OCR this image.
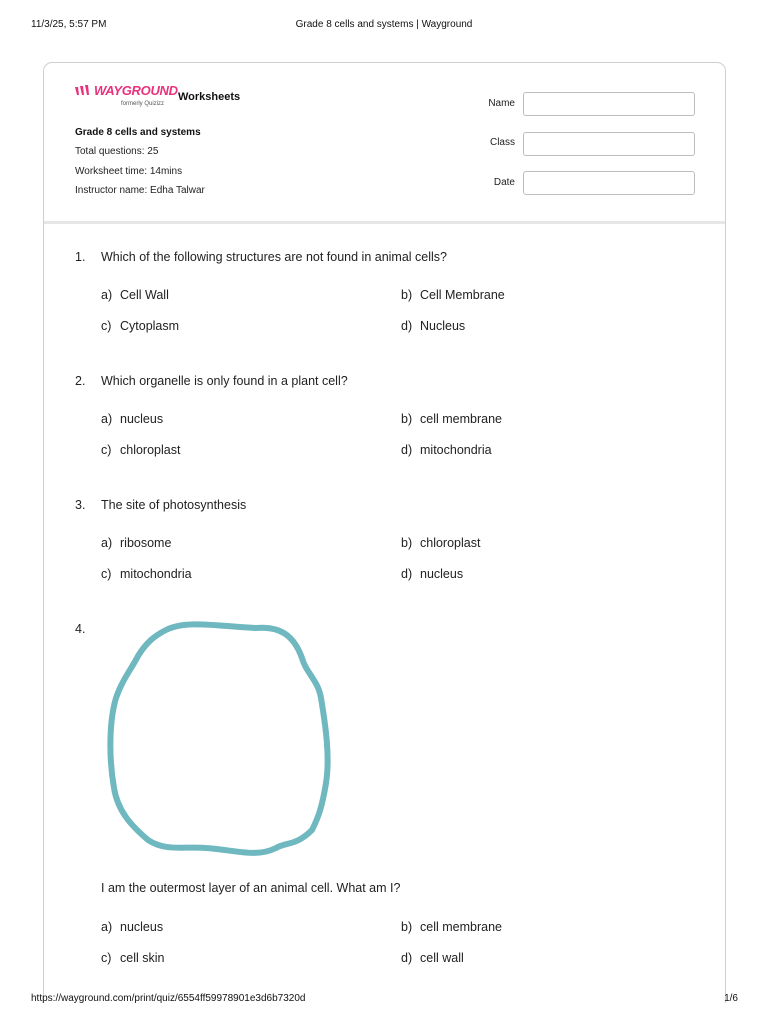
11/3/25, 5:57 PM	Grade 8 cells and systems | Wayground
WAYGROUND
formerly Quizizz
Worksheets
Grade 8 cells and systems
Total questions: 25
Worksheet time: 14mins
Instructor name: Edha Talwar
Name
Class
Date
1. Which of the following structures are not found in animal cells?
a) Cell Wall	b) Cell Membrane
c) Cytoplasm	d) Nucleus
2. Which organelle is only found in a plant cell?
a) nucleus	b) cell membrane
c) chloroplast	d) mitochondria
3. The site of photosynthesis
a) ribosome	b) chloroplast
c) mitochondria	d) nucleus
4.
I am the outermost layer of an animal cell. What am I?
a) nucleus	b) cell membrane
c) cell skin	d) cell wall
https://wayground.com/print/quiz/6554ff59978901e3d6b7320d	1/6
